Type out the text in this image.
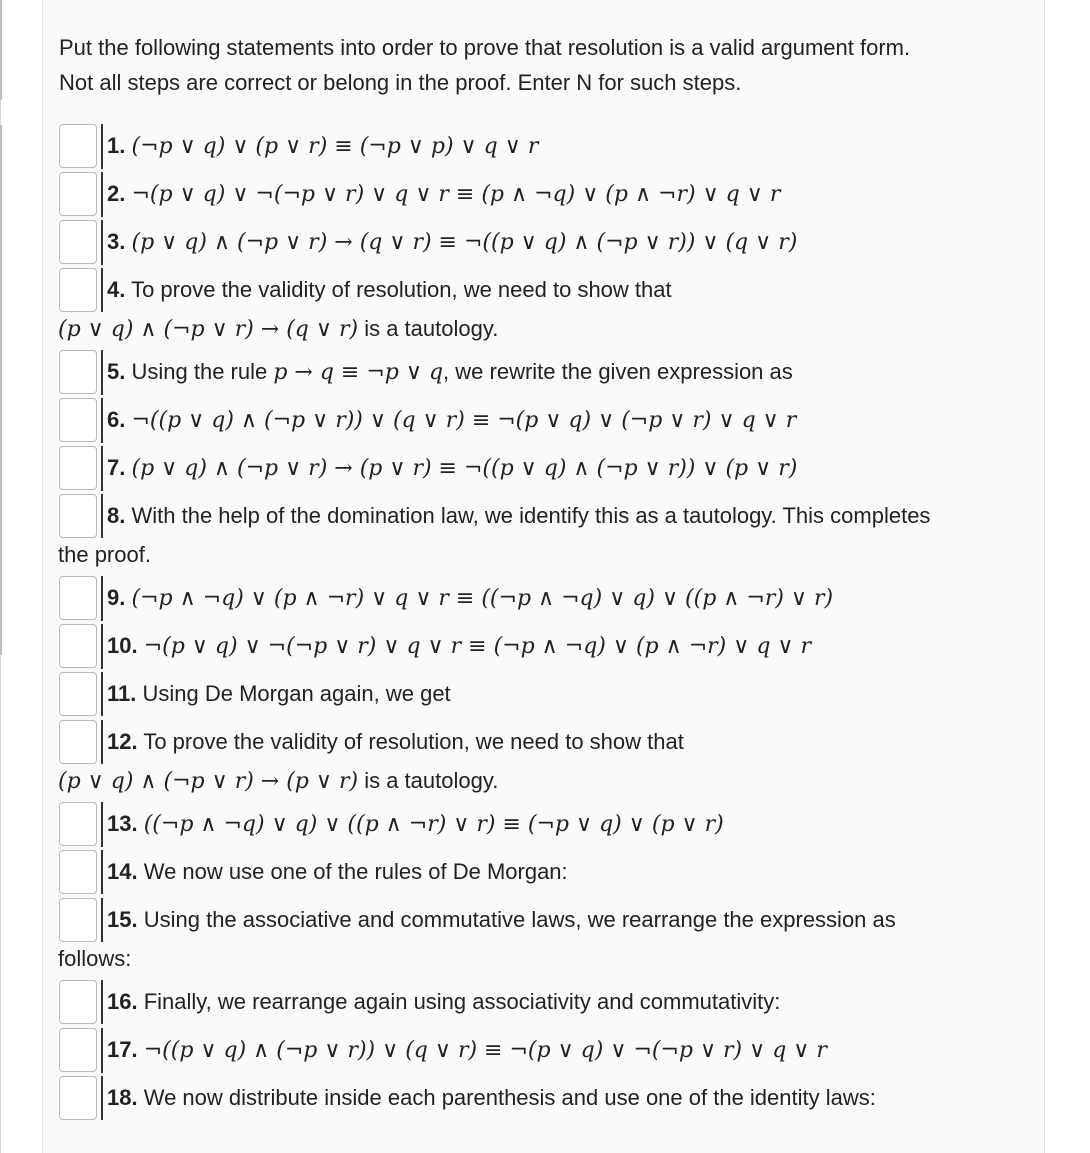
Put the following statements into order to prove that resolution is a valid argument form.

Not all steps are correct or belong in the proof. Enter N for such steps.

1. (¬p ∨ q) ∨ (p ∨ r) ≡ (¬p ∨ p) ∨ q ∨ r
2. ¬(p ∨ q) ∨ ¬(¬p ∨ r) ∨ q ∨ r ≡ (p ∧ ¬q) ∨ (p ∧ ¬r) ∨ q ∨ r
3. (p ∨ q) ∧ (¬p ∨ r) → (q ∨ r) ≡ ¬((p ∨ q) ∧ (¬p ∨ r)) ∨ (q ∨ r)
4. To prove the validity of resolution, we need to show that
(p ∨ q) ∧ (¬p ∨ r) → (q ∨ r) is a tautology.
5. Using the rule p → q ≡ ¬p ∨ q, we rewrite the given expression as
6. ¬((p ∨ q) ∧ (¬p ∨ r)) ∨ (q ∨ r) ≡ ¬(p ∨ q) ∨ (¬p ∨ r) ∨ q ∨ r
7. (p ∨ q) ∧ (¬p ∨ r) → (p ∨ r) ≡ ¬((p ∨ q) ∧ (¬p ∨ r)) ∨ (p ∨ r)
8. With the help of the domination law, we identify this as a tautology. This completes
the proof.
9. (¬p ∧ ¬q) ∨ (p ∧ ¬r) ∨ q ∨ r ≡ ((¬p ∧ ¬q) ∨ q) ∨ ((p ∧ ¬r) ∨ r)
10. ¬(p ∨ q) ∨ ¬(¬p ∨ r) ∨ q ∨ r ≡ (¬p ∧ ¬q) ∨ (p ∧ ¬r) ∨ q ∨ r
11. Using De Morgan again, we get
12. To prove the validity of resolution, we need to show that
(p ∨ q) ∧ (¬p ∨ r) → (p ∨ r) is a tautology.
13. ((¬p ∧ ¬q) ∨ q) ∨ ((p ∧ ¬r) ∨ r) ≡ (¬p ∨ q) ∨ (p ∨ r)
14. We now use one of the rules of De Morgan:
15. Using the associative and commutative laws, we rearrange the expression as
follows:
16. Finally, we rearrange again using associativity and commutativity:
17. ¬((p ∨ q) ∧ (¬p ∨ r)) ∨ (q ∨ r) ≡ ¬(p ∨ q) ∨ ¬(¬p ∨ r) ∨ q ∨ r
18. We now distribute inside each parenthesis and use one of the identity laws:
